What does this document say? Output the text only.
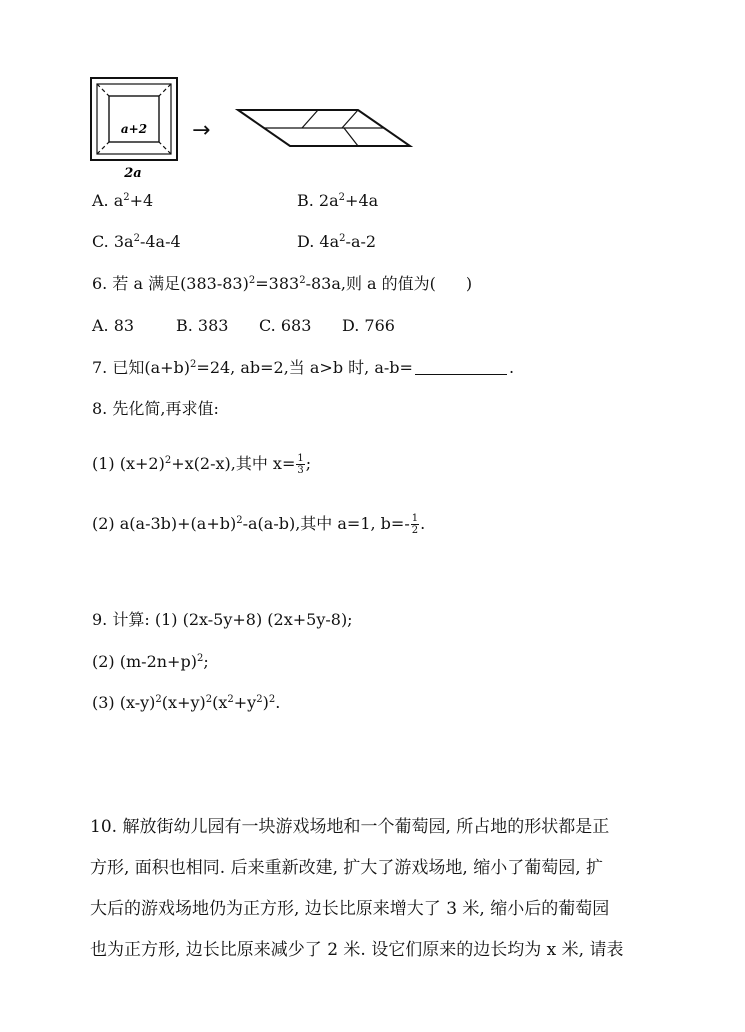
a+2
2a
→
A. $a^2+4$	B. $2a^2+4a$
C. $3a^2-4a-4$	D. $4a^2-a-2$
6. 若 a 满足$(383-83)^2=383^2-83a$,则 a 的值为( )
A. 83	B. 383 C. 683 D. 766
7. 已知$(a+b)^2=24$, ab=2,当 a>b 时, a-b=	.
8. 先化简,再求值:
(1) $(x+2)^2+x(2-x)$,其中 $x= \frac{1}{3}$ ;
(2) $a(a-3b)+(a+b)^2-a(a-b)$,其中 a=1, $b=- \frac{1}{2}$ .
9. 计算: (1) (2x-5y+8) (2x+5y-8);
(2) $(m-2n+p)^2$;
(3) $(x-y)^2(x+y)^2(x^2+y^2)^2$.
10. 解放街幼儿园有一块游戏场地和一个葡萄园, 所占地的形状都是正
方形, 面积也相同. 后来重新改建, 扩大了游戏场地, 缩小了葡萄园, 扩
大后的游戏场地仍为正方形, 边长比原来增大了 3 米, 缩小后的葡萄园
也为正方形, 边长比原来减少了 2 米. 设它们原来的边长均为 x 米, 请表
